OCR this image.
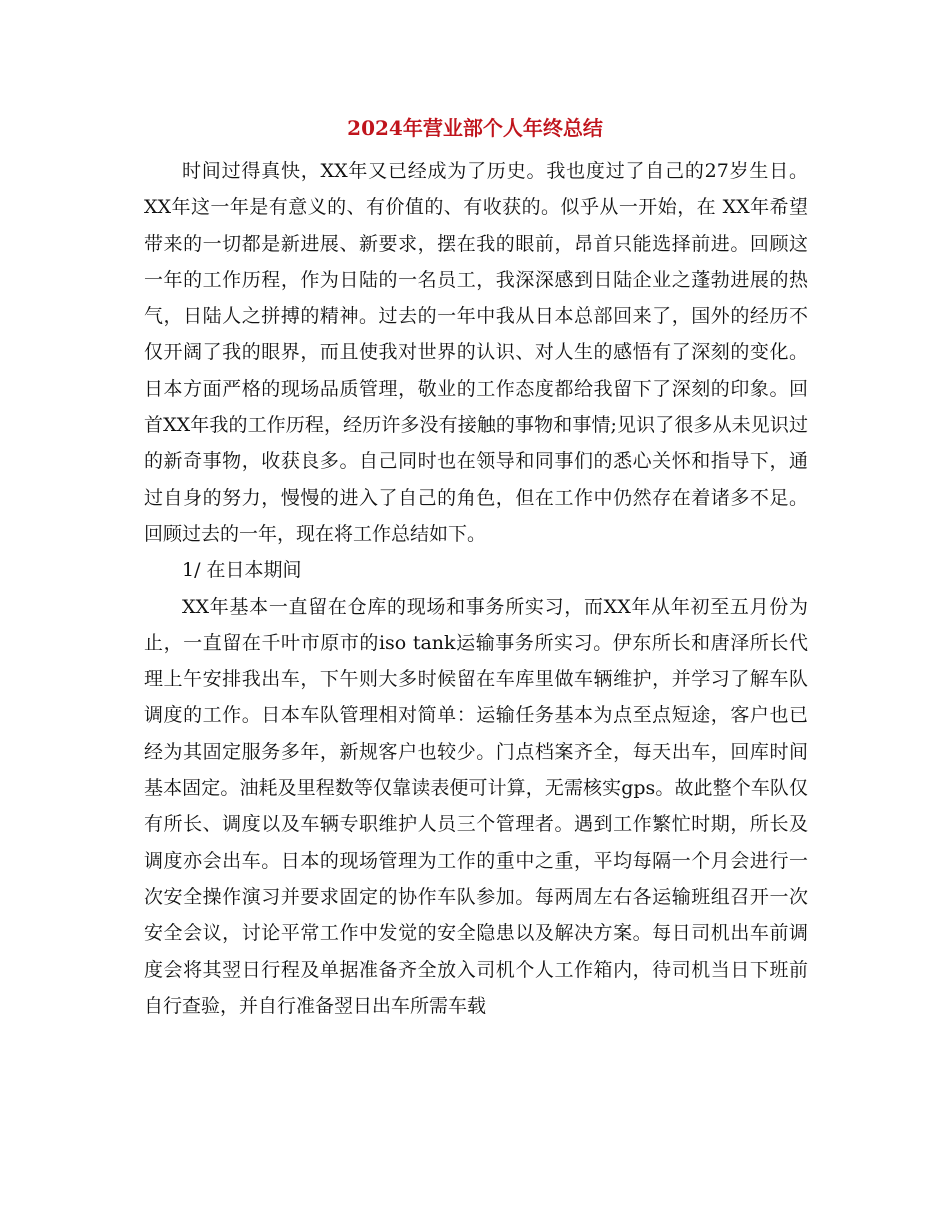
2024年营业部个人年终总结

时间过得真快，XX年又已经成为了历史。我也度过了自己的27岁生日。XX年这一年是有意义的、有价值的、有收获的。似乎从一开始，在 XX年希望带来的一切都是新进展、新要求，摆在我的眼前，昂首只能选择前进。回顾这一年的工作历程，作为日陆的一名员工，我深深感到日陆企业之蓬勃进展的热气，日陆人之拼搏的精神。过去的一年中我从日本总部回来了，国外的经历不仅开阔了我的眼界，而且使我对世界的认识、对人生的感悟有了深刻的变化。日本方面严格的现场品质管理，敬业的工作态度都给我留下了深刻的印象。回首XX年我的工作历程，经历许多没有接触的事物和事情;见识了很多从未见识过的新奇事物，收获良多。自己同时也在领导和同事们的悉心关怀和指导下，通过自身的努力，慢慢的进入了自己的角色，但在工作中仍然存在着诸多不足。回顾过去的一年，现在将工作总结如下。

1/ 在日本期间

XX年基本一直留在仓库的现场和事务所实习，而XX年从年初至五月份为止，一直留在千叶市原市的iso tank运输事务所实习。伊东所长和唐泽所长代理上午安排我出车，下午则大多时候留在车库里做车辆维护，并学习了解车队调度的工作。日本车队管理相对简单：运输任务基本为点至点短途，客户也已经为其固定服务多年，新规客户也较少。门点档案齐全，每天出车，回库时间基本固定。油耗及里程数等仅靠读表便可计算，无需核实gps。故此整个车队仅有所长、调度以及车辆专职维护人员三个管理者。遇到工作繁忙时期，所长及调度亦会出车。日本的现场管理为工作的重中之重，平均每隔一个月会进行一次安全操作演习并要求固定的协作车队参加。每两周左右各运输班组召开一次安全会议，讨论平常工作中发觉的安全隐患以及解决方案。每日司机出车前调度会将其翌日行程及单据准备齐全放入司机个人工作箱内，待司机当日下班前自行查验，并自行准备翌日出车所需车载
